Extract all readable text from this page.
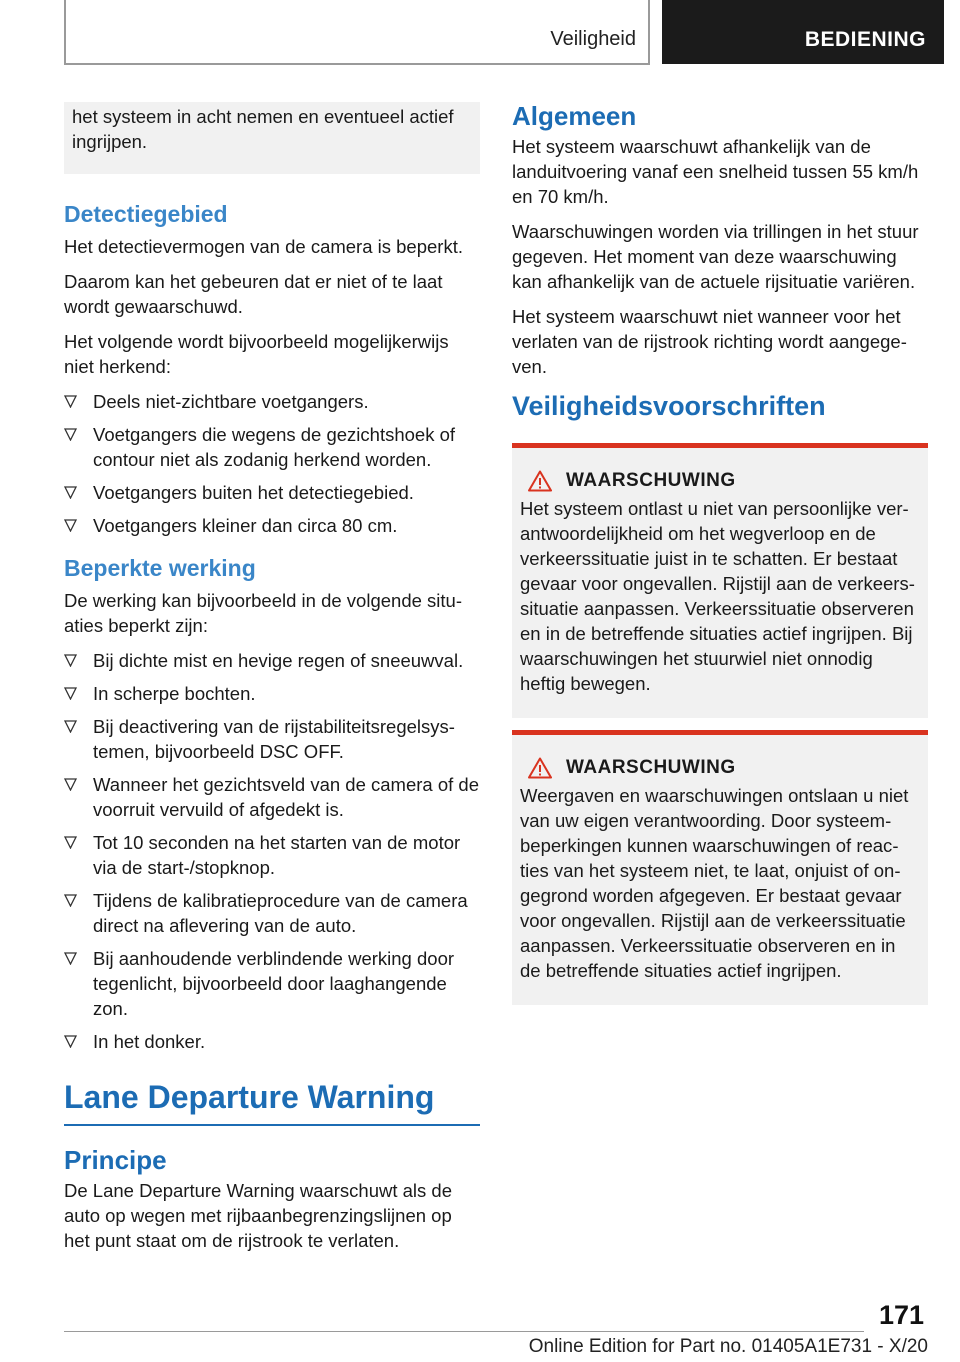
Veiligheid	BEDIENING

het systeem in acht nemen en eventueel actief ingrijpen.

Detectiegebied

Het detectievermogen van de camera is beperkt.

Daarom kan het gebeuren dat er niet of te laat wordt gewaarschuwd.

Het volgende wordt bijvoorbeeld mogelijkerwijs niet herkend:

Deels niet-zichtbare voetgangers.
Voetgangers die wegens de gezichtshoek of contour niet als zodanig herkend worden.
Voetgangers buiten het detectiegebied.
Voetgangers kleiner dan circa 80 cm.
Beperkte werking

De werking kan bijvoorbeeld in de volgende situaties beperkt zijn:

Bij dichte mist en hevige regen of sneeuwval.
In scherpe bochten.
Bij deactivering van de rijstabiliteitsregelsystemen, bijvoorbeeld DSC OFF.
Wanneer het gezichtsveld van de camera of de voorruit vervuild of afgedekt is.
Tot 10 seconden na het starten van de motor via de start-/stopknop.
Tijdens de kalibratieprocedure van de camera direct na aflevering van de auto.
Bij aanhoudende verblindende werking door tegenlicht, bijvoorbeeld door laaghangende zon.
In het donker.
Lane Departure Warning
Principe

De Lane Departure Warning waarschuwt als de auto op wegen met rijbaanbegrenzingslijnen op het punt staat om de rijstrook te verlaten.

Algemeen

Het systeem waarschuwt afhankelijk van de landuitvoering vanaf een snelheid tussen 55 km/h en 70 km/h.

Waarschuwingen worden via trillingen in het stuur gegeven. Het moment van deze waarschuwing kan afhankelijk van de actuele rijsituatie variëren.

Het systeem waarschuwt niet wanneer voor het verlaten van de rijstrook richting wordt aangegeven.

Veiligheidsvoorschriften
WAARSCHUWING

Het systeem ontlast u niet van persoonlijke verantwoordelijkheid om het wegverloop en de verkeerssituatie juist in te schatten. Er bestaat gevaar voor ongevallen. Rijstijl aan de verkeerssituatie aanpassen. Verkeerssituatie observeren en in de betreffende situaties actief ingrijpen. Bij waarschuwingen het stuurwiel niet onnodig heftig bewegen.

WAARSCHUWING

Weergaven en waarschuwingen ontslaan u niet van uw eigen verantwoording. Door systeembeperkingen kunnen waarschuwingen of reacties van het systeem niet, te laat, onjuist of ongegrond worden afgegeven. Er bestaat gevaar voor ongevallen. Rijstijl aan de verkeerssituatie aanpassen. Verkeerssituatie observeren en in de betreffende situaties actief ingrijpen.

171
Online Edition for Part no. 01405A1E731 - X/20
